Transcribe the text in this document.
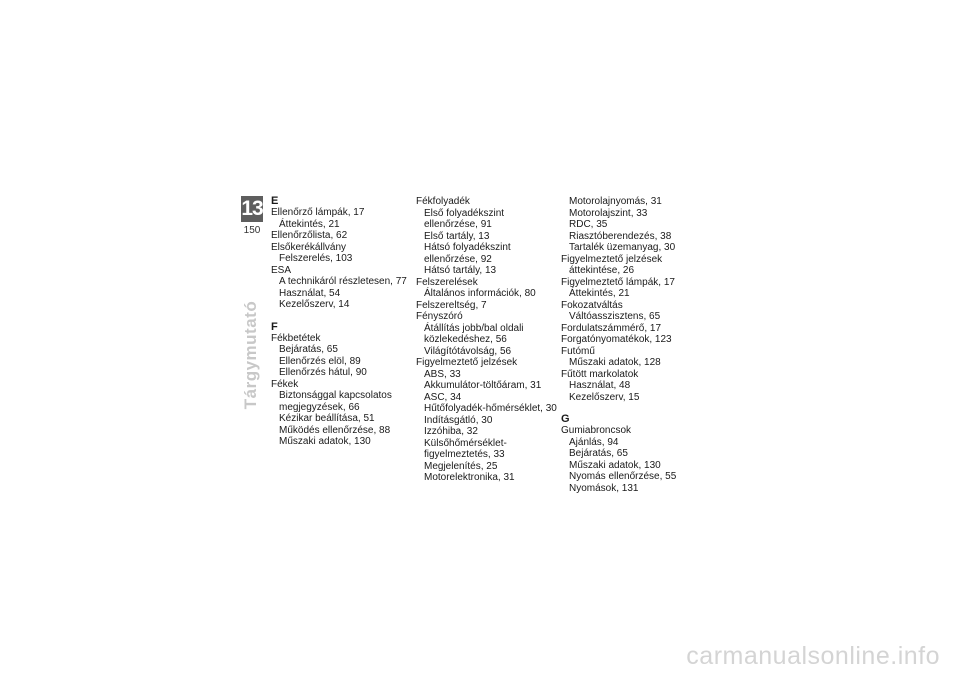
13
150
Tárgymutató
E
Ellenőrző lámpák, 17
Áttekintés, 21
Ellenőrzőlista, 62
Elsőkerékállvány
Felszerelés, 103
ESA
A technikáról részletesen, 77
Használat, 54
Kezelőszerv, 14
F
Fékbetétek
Bejáratás, 65
Ellenőrzés elöl, 89
Ellenőrzés hátul, 90
Fékek
Biztonsággal kapcsolatos
megjegyzések, 66
Kézikar beállítása, 51
Működés ellenőrzése, 88
Műszaki adatok, 130
Fékfolyadék
Első folyadékszint
ellenőrzése, 91
Első tartály, 13
Hátsó folyadékszint
ellenőrzése, 92
Hátsó tartály, 13
Felszerelések
Általános információk, 80
Felszereltség, 7
Fényszóró
Átállítás jobb/bal oldali
közlekedéshez, 56
Világítótávolság, 56
Figyelmeztető jelzések
ABS, 33
Akkumulátor-töltőáram, 31
ASC, 34
Hűtőfolyadék-hőmérséklet, 30
Indításgátló, 30
Izzóhiba, 32
Külsőhőmérséklet-
figyelmeztetés, 33
Megjelenítés, 25
Motorelektronika, 31
Motorolajnyomás, 31
Motorolajszint, 33
RDC, 35
Riasztóberendezés, 38
Tartalék üzemanyag, 30
Figyelmeztető jelzések
áttekintése, 26
Figyelmeztető lámpák, 17
Áttekintés, 21
Fokozatváltás
Váltóasszisztens, 65
Fordulatszámmérő, 17
Forgatónyomatékok, 123
Futómű
Műszaki adatok, 128
Fűtött markolatok
Használat, 48
Kezelőszerv, 15
G
Gumiabroncsok
Ajánlás, 94
Bejáratás, 65
Műszaki adatok, 130
Nyomás ellenőrzése, 55
Nyomások, 131
carmanualsonline.info
